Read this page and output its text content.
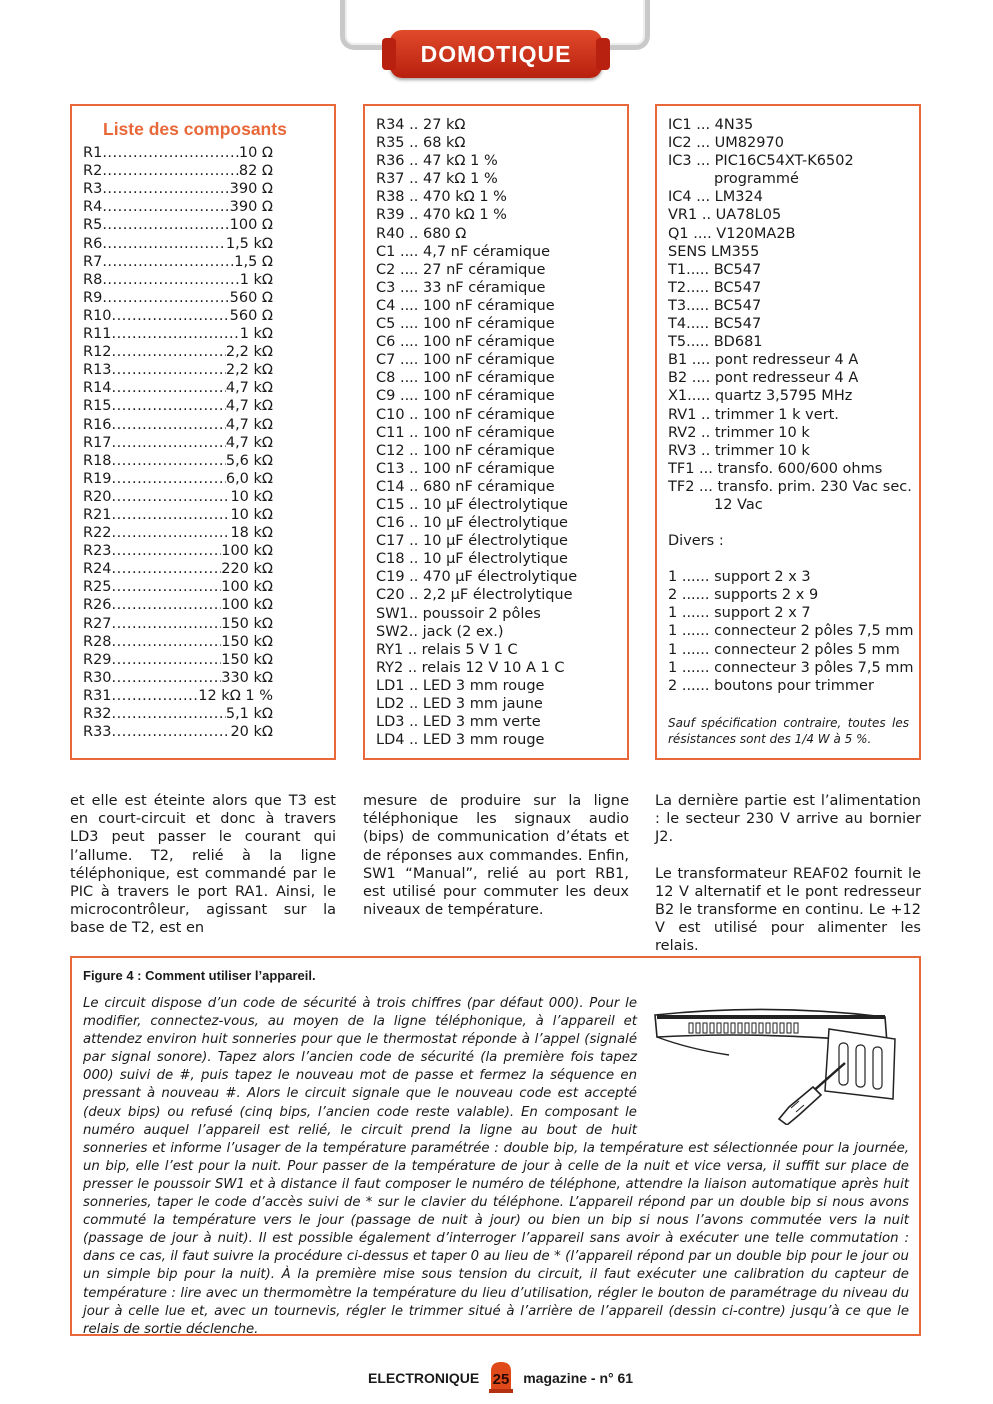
DOMOTIQUE
Liste des composants
R1 .....	10 Ω
R2 .....	82 Ω
R3 .....	390 Ω
R4 .....	390 Ω
R5 .....	100 Ω
R6 .....	1,5 kΩ
R7 .....	1,5 Ω
R8 .....	1 kΩ
R9 .....	560 Ω
R10 .....	560 Ω
R11 .....	1 kΩ
R12 .....	2,2 kΩ
R13 .....	2,2 kΩ
R14 .....	4,7 kΩ
R15 .....	4,7 kΩ
R16 .....	4,7 kΩ
R17 .....	4,7 kΩ
R18 .....	5,6 kΩ
R19 .....	6,0 kΩ
R20 .....	10 kΩ
R21 .....	10 kΩ
R22 .....	18 kΩ
R23 .....	100 kΩ
R24 .....	220 kΩ
R25 .....	100 kΩ
R26 .....	100 kΩ
R27 .....	150 kΩ
R28 .....	150 kΩ
R29 .....	150 kΩ
R30 .....	330 kΩ
R31 .....	12 kΩ 1 %
R32 .....	5,1 kΩ
R33 .....	20 kΩ
R34 .. 27 kΩ
R35 .. 68 kΩ
R36 .. 47 kΩ 1 %
R37 .. 47 kΩ 1 %
R38 .. 470 kΩ 1 %
R39 .. 470 kΩ 1 %
R40 .. 680 Ω
C1 .... 4,7 nF céramique
C2 .... 27 nF céramique
C3 .... 33 nF céramique
C4 .... 100 nF céramique
C5 .... 100 nF céramique
C6 .... 100 nF céramique
C7 .... 100 nF céramique
C8 .... 100 nF céramique
C9 .... 100 nF céramique
C10 .. 100 nF céramique
C11 .. 100 nF céramique
C12 .. 100 nF céramique
C13 .. 100 nF céramique
C14 .. 680 nF céramique
C15 .. 10 µF électrolytique
C16 .. 10 µF électrolytique
C17 .. 10 µF électrolytique
C18 .. 10 µF électrolytique
C19 .. 470 µF électrolytique
C20 .. 2,2 µF électrolytique
SW1.. poussoir 2 pôles
SW2.. jack (2 ex.)
RY1 .. relais 5 V 1 C
RY2 .. relais 12 V 10 A 1 C
LD1 .. LED 3 mm rouge
LD2 .. LED 3 mm jaune
LD3 .. LED 3 mm verte
LD4 .. LED 3 mm rouge
IC1 ... 4N35
IC2 ... UM82970
IC3 ... PIC16C54XT-K6502
programmé
IC4 ... LM324
VR1 .. UA78L05
Q1 .... V120MA2B
SENS LM355
T1..... BC547
T2..... BC547
T3..... BC547
T4..... BC547
T5..... BD681
B1 .... pont redresseur 4 A
B2 .... pont redresseur 4 A
X1..... quartz 3,5795 MHz
RV1 .. trimmer 1 k vert.
RV2 .. trimmer 10 k
RV3 .. trimmer 10 k
TF1 ... transfo. 600/600 ohms
TF2 ... transfo. prim. 230 Vac sec.
12 Vac
Divers :
1 ...... support 2 x 3
2 ...... supports 2 x 9
1 ...... support 2 x 7
1 ...... connecteur 2 pôles 7,5 mm
1 ...... connecteur 2 pôles 5 mm
1 ...... connecteur 3 pôles 7,5 mm
2 ...... boutons pour trimmer
Sauf spécification contraire, toutes les résistances sont des 1/4 W à 5 %.

et elle est éteinte alors que T3 est en court-circuit et donc à travers LD3 peut passer le courant qui l’allume. T2, relié à la ligne téléphonique, est commandé par le PIC à travers le port RA1. Ainsi, le microcontrôleur, agissant sur la base de T2, est en

mesure de produire sur la ligne téléphonique les signaux audio (bips) de communication d’états et de réponses aux commandes. Enfin, SW1 “Manual”, relié au port RB1, est utilisé pour commuter les deux niveaux de température.

La dernière partie est l’alimentation : le secteur 230 V arrive au bornier J2.

Le transformateur REAF02 fournit le 12 V alternatif et le pont redresseur B2 le transforme en continu. Le +12 V est utilisé pour alimenter les relais.

Figure 4 : Comment utiliser l’appareil.

Le circuit dispose d’un code de sécurité à trois chiffres (par défaut 000). Pour le modifier, connectez-vous, au moyen de la ligne téléphonique, à l’appareil et attendez environ huit sonneries pour que le thermostat réponde à l’appel (signalé par signal sonore). Tapez alors l’ancien code de sécurité (la première fois tapez 000) suivi de #, puis tapez le nouveau mot de passe et fermez la séquence en pressant à nouveau #. Alors le circuit signale que le nouveau code est accepté (deux bips) ou refusé (cinq bips, l’ancien code reste valable). En composant le numéro auquel l’appareil est relié, le circuit prend la ligne au bout de huit sonneries et informe l’usager de la température paramétrée : double bip, la température est sélectionnée pour la journée, un bip, elle l’est pour la nuit. Pour passer de la température de jour à celle de la nuit et vice versa, il suffit sur place de presser le poussoir SW1 et à distance il faut composer le numéro de téléphone, attendre la liaison automatique après huit sonneries, taper le code d’accès suivi de * sur le clavier du téléphone. L’appareil répond par un double bip si nous avons commuté la température vers le jour (passage de nuit à jour) ou bien un bip si nous l’avons commutée vers la nuit (passage de jour à nuit). Il est possible également d’interroger l’appareil sans avoir à exécuter une telle commutation : dans ce cas, il faut suivre la procédure ci-dessus et taper 0 au lieu de * (l’appareil répond par un double bip pour le jour ou un simple bip pour la nuit). À la première mise sous tension du circuit, il faut exécuter une calibration du capteur de température : lire avec un thermomètre la température du lieu d’utilisation, régler le bouton de paramétrage du niveau du jour à celle lue et, avec un tournevis, régler le trimmer situé à l’arrière de l’appareil (dessin ci-contre) jusqu’à ce que le relais de sortie déclenche.

ELECTRONIQUE 25 magazine - n° 61
